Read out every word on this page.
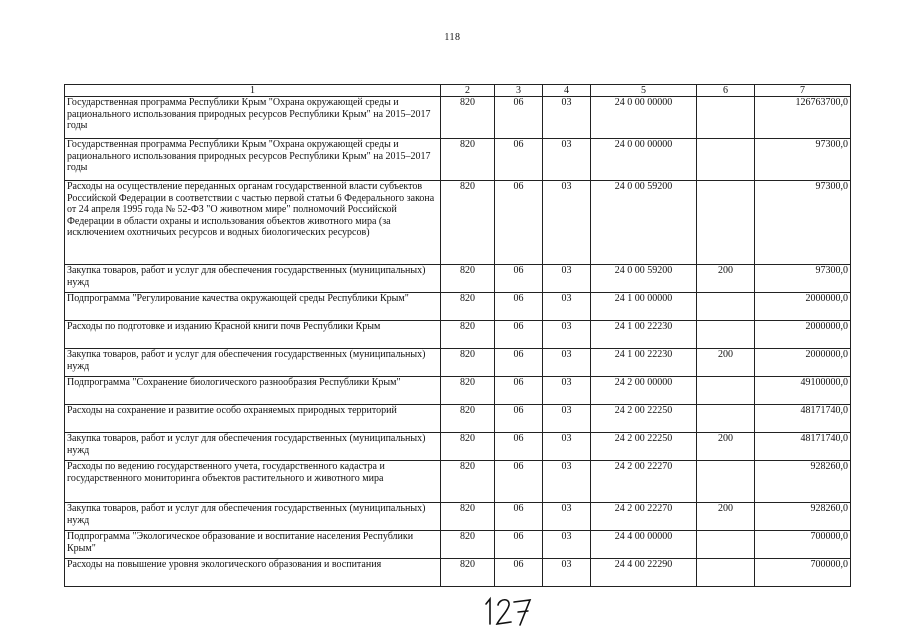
118
1	2	3	4	5	6	7
Государственная программа Республики Крым "Охрана окружающей среды и рационального использования природных ресурсов Республики Крым" на 2015–2017 годы	820	06	03	24 0 00 00000		126763700,0
Государственная программа Республики Крым "Охрана окружающей среды и рационального использования природных ресурсов Республики Крым" на 2015–2017 годы	820	06	03	24 0 00 00000		97300,0
Расходы на осуществление переданных органам государственной власти субъектов Российской Федерации в соответствии с частью первой статьи 6 Федерального закона от 24 апреля 1995 года № 52-ФЗ "О животном мире" полномочий Российской Федерации в области охраны и использования объектов животного мира (за исключением охотничьих ресурсов и водных биологических ресурсов)	820	06	03	24 0 00 59200		97300,0
Закупка товаров, работ и услуг для обеспечения государственных (муниципальных) нужд	820	06	03	24 0 00 59200	200	97300,0
Подпрограмма "Регулирование качества окружающей среды Республики Крым"	820	06	03	24 1 00 00000		2000000,0
Расходы по подготовке и изданию Красной книги почв Республики Крым	820	06	03	24 1 00 22230		2000000,0
Закупка товаров, работ и услуг для обеспечения государственных (муниципальных) нужд	820	06	03	24 1 00 22230	200	2000000,0
Подпрограмма "Сохранение биологического разнообразия Республики Крым"	820	06	03	24 2 00 00000		49100000,0
Расходы на сохранение и развитие особо охраняемых природных территорий	820	06	03	24 2 00 22250		48171740,0
Закупка товаров, работ и услуг для обеспечения государственных (муниципальных) нужд	820	06	03	24 2 00 22250	200	48171740,0
Расходы по ведению государственного учета, государственного кадастра и государственного мониторинга объектов растительного и животного мира	820	06	03	24 2 00 22270		928260,0
Закупка товаров, работ и услуг для обеспечения государственных (муниципальных) нужд	820	06	03	24 2 00 22270	200	928260,0
Подпрограмма "Экологическое образование и воспитание населения Республики Крым"	820	06	03	24 4 00 00000		700000,0
Расходы на повышение уровня экологического образования и воспитания	820	06	03	24 4 00 22290		700000,0
